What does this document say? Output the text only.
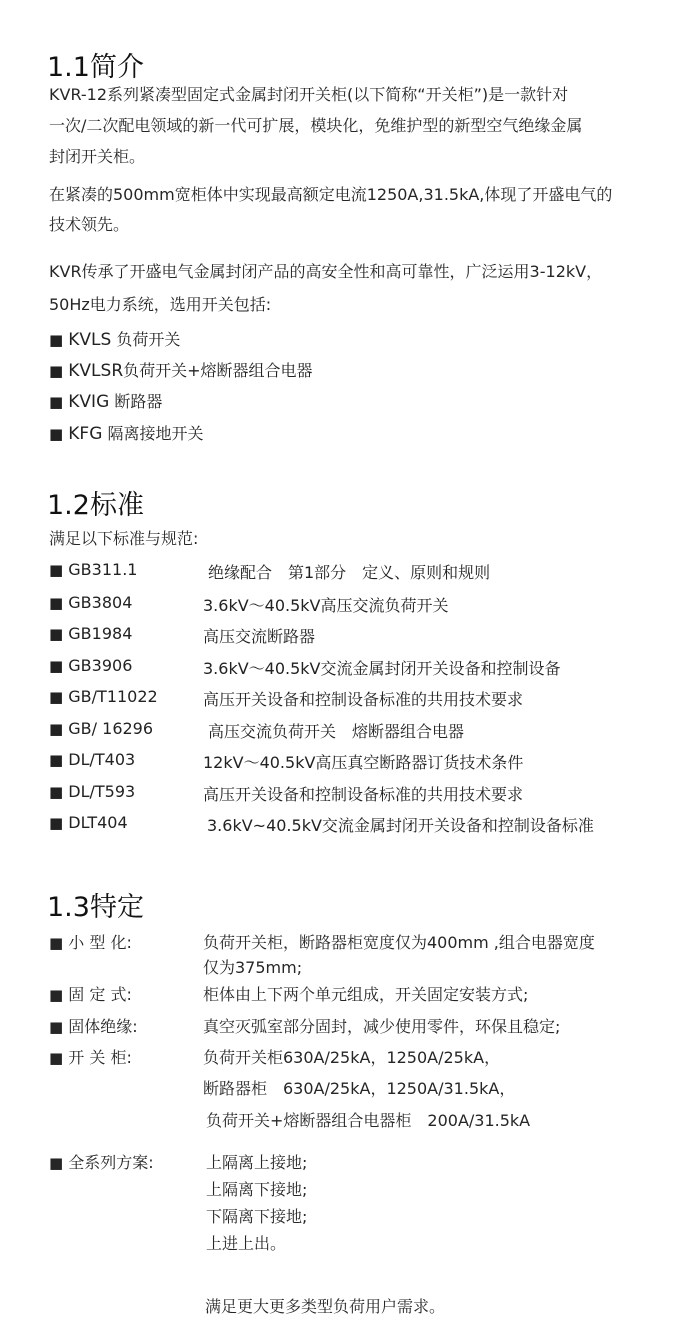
1.1简介
KVR-12系列紧凑型固定式金属封闭开关柜(以下简称“开关柜”)是一款针对
一次/二次配电领域的新一代可扩展，模块化，免维护型的新型空气绝缘金属
封闭开关柜。
在紧凑的500mm宽柜体中实现最高额定电流1250A,31.5kA,体现了开盛电气的
技术领先。
KVR传承了开盛电气金属封闭产品的高安全性和高可靠性，广泛运用3-12kV，
50Hz电力系统，选用开关包括:
■ KVLS 负荷开关
■ KVLSR负荷开关+熔断器组合电器
■ KVIG 断路器
■ KFG 隔离接地开关
1.2标准
满足以下标准与规范:
■ GB311.1	绝缘配合　第1部分　定义、原则和规则
■ GB3804	3.6kV～40.5kV高压交流负荷开关
■ GB1984	高压交流断路器
■ GB3906	3.6kV～40.5kV交流金属封闭开关设备和控制设备
■ GB/T11022	高压开关设备和控制设备标准的共用技术要求
■ GB/ 16296	高压交流负荷开关　熔断器组合电器
■ DL/T403	12kV～40.5kV高压真空断路器订货技术条件
■ DL/T593	高压开关设备和控制设备标准的共用技术要求
■ DLT404	3.6kV~40.5kV交流金属封闭开关设备和控制设备标准
1.3特定
■ 小 型 化:	负荷开关柜，断路器柜宽度仅为400mm ,组合电器宽度
仅为375mm;
■ 固 定 式:	柜体由上下两个单元组成，开关固定安装方式;
■ 固体绝缘:	真空灭弧室部分固封，减少使用零件，环保且稳定;
■ 开 关 柜:	负荷开关柜630A/25kA，1250A/25kA，
断路器柜　630A/25kA，1250A/31.5kA，
负荷开关+熔断器组合电器柜　200A/31.5kA
■ 全系列方案:	上隔离上接地;
上隔离下接地;
下隔离下接地;
上进上出。
满足更大更多类型负荷用户需求。
